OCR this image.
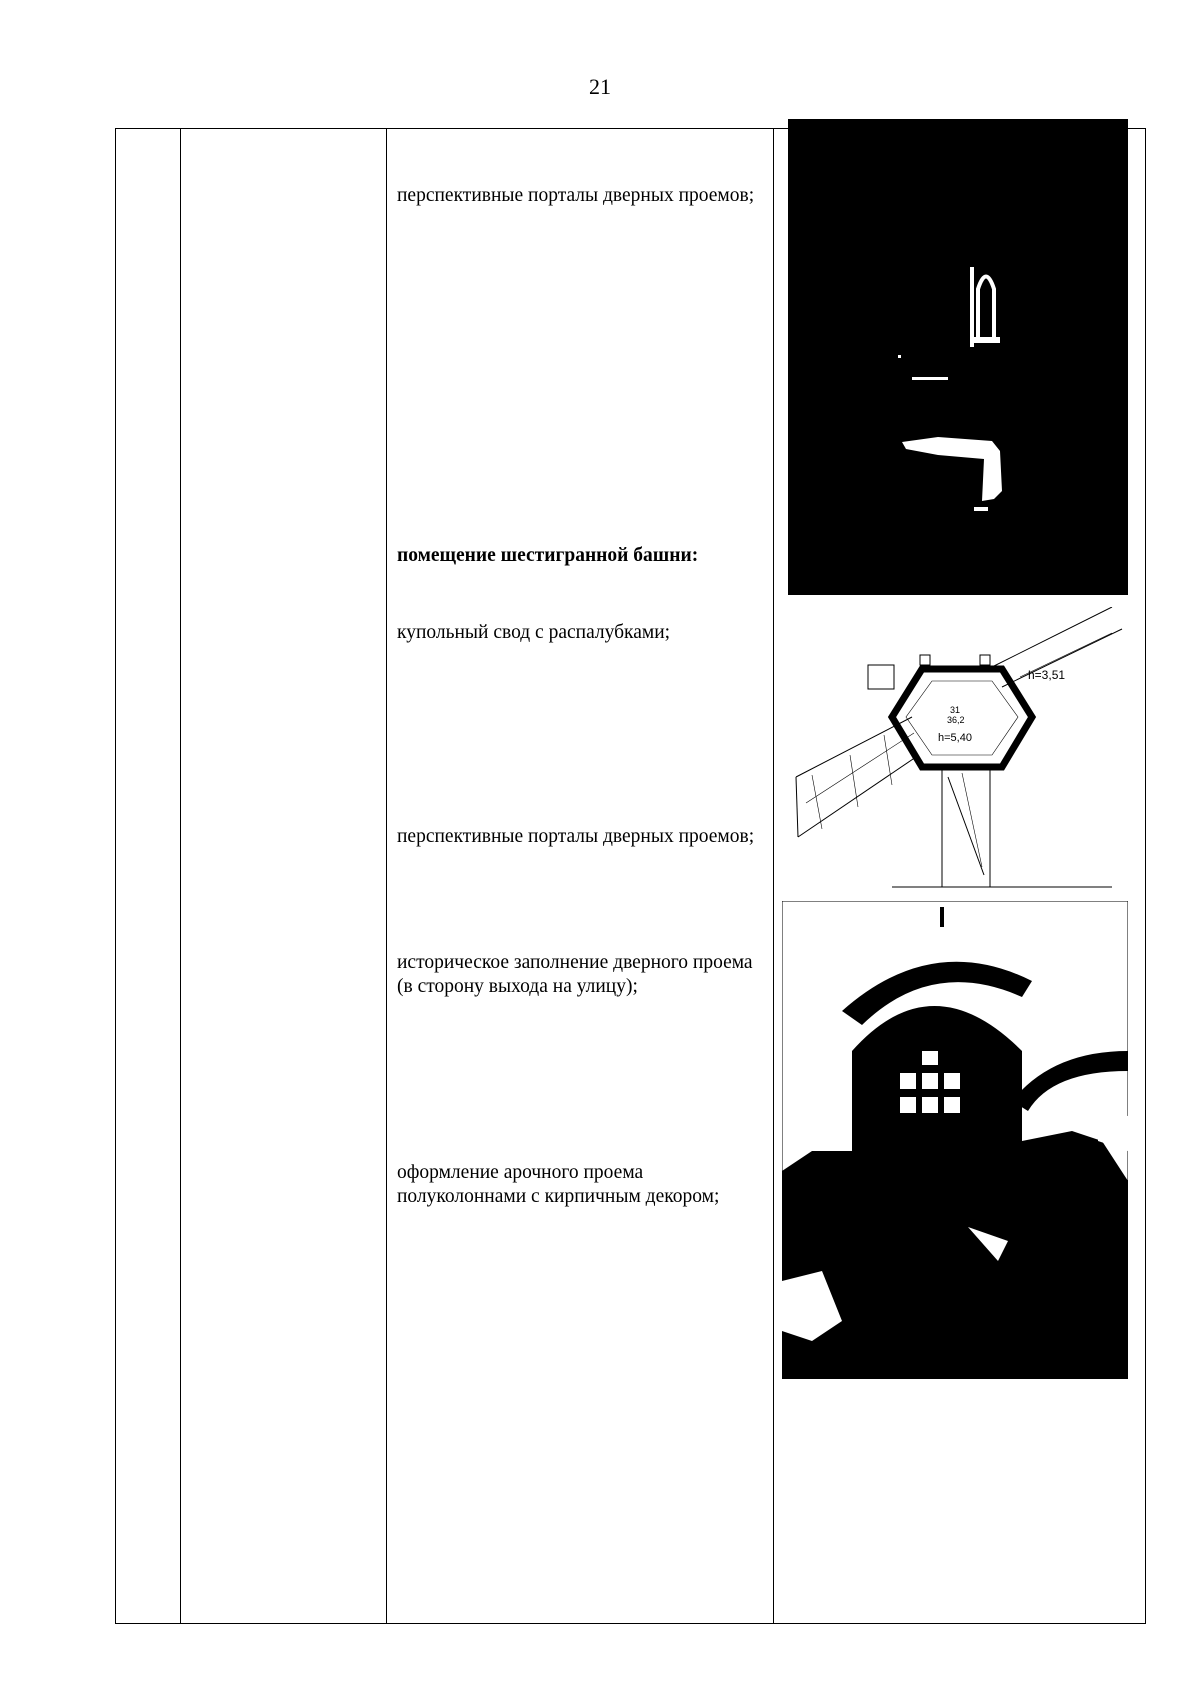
21
перспективные порталы дверных проемов;
помещение шестигранной башни:
купольный свод с распалубками;
перспективные порталы дверных проемов;
историческое заполнение дверного проема (в сторону выхода на улицу);
оформление арочного проема полуколоннами с кирпичным декором;
h=3,51
h=5,40
31
36,2
